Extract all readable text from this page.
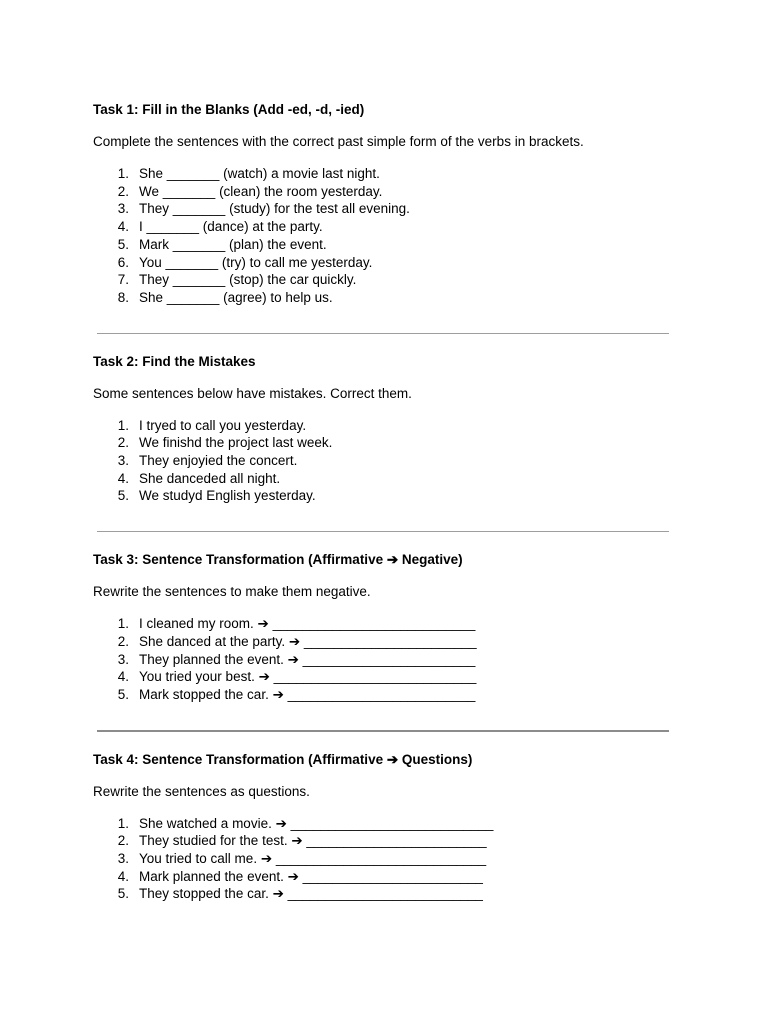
Task 1: Fill in the Blanks (Add -ed, -d, -ied)

Complete the sentences with the correct past simple form of the verbs in brackets.

1. She _______ (watch) a movie last night.
2. We _______ (clean) the room yesterday.
3. They _______ (study) for the test all evening.
4. I _______ (dance) at the party.
5. Mark _______ (plan) the event.
6. You _______ (try) to call me yesterday.
7. They _______ (stop) the car quickly.
8. She _______ (agree) to help us.
Task 2: Find the Mistakes

Some sentences below have mistakes. Correct them.

1. I tryed to call you yesterday.
2. We finishd the project last week.
3. They enjoyied the concert.
4. She danceded all night.
5. We studyd English yesterday.
Task 3: Sentence Transformation (Affirmative ➔ Negative)

Rewrite the sentences to make them negative.

1. I cleaned my room. ➔ ___________________________
2. She danced at the party. ➔ _______________________
3. They planned the event. ➔ _______________________
4. You tried your best. ➔ ___________________________
5. Mark stopped the car. ➔ _________________________
Task 4: Sentence Transformation (Affirmative ➔ Questions)

Rewrite the sentences as questions.

1. She watched a movie. ➔ ___________________________
2. They studied for the test. ➔ ________________________
3. You tried to call me. ➔ ____________________________
4. Mark planned the event. ➔ ________________________
5. They stopped the car. ➔ __________________________
